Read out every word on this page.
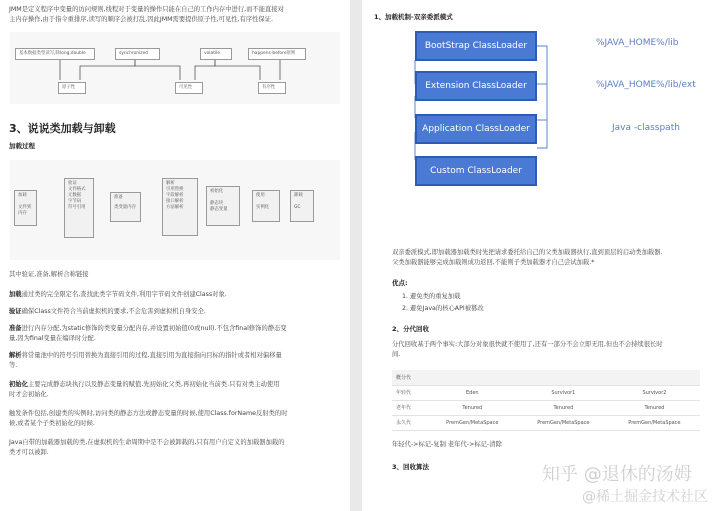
JMM是定义程序中变量的访问规则,线程对于变量的操作只能在自己的工作内存中进行,而不能直接对
主内存操作,由于指令重排序,读写的顺序会被打乱,因此JMM需要提供原子性,可见性,有序性保证.
基本数据类型读写,除long,double	synchronized	volatile	happens-before原则
原子性	可见性	有序性
3、说说类加载与卸载
加载过程
加载
文件到内存
验证
文件格式
元数据
字节码
符号引用
准备
类变量内存
解析
引用替换
字段解析
接口解析
方法解析
初始化
静态块
静态变量
使用
实例化
卸载
GC
其中验证,准备,解析合称链接
加载通过类的完全限定名,查找此类字节码文件,利用字节码文件创建Class对象.
验证确保Class文件符合当前虚拟机的要求,不会危害到虚拟机自身安全.
准备进行内存分配,为static修饰的类变量分配内存,并设置初始值(0或null).不包含final修饰的静态变
量,因为final变量在编译时分配.
解析将常量池中的符号引用替换为直接引用的过程.直接引用为直接指向目标的指针或者相对偏移量
等.
初始化主要完成静态块执行以及静态变量的赋值.先初始化父类,再初始化当前类.只有对类主动使用
时才会初始化.
触发条件包括,创建类的实例时,访问类的静态方法或静态变量的时候,使用Class.forName反射类的时
候,或者某个子类初始化的时候.
Java自带的加载器加载的类,在虚拟机的生命周期中是不会被卸载的,只有用户自定义的加载器加载的
类才可以被卸.
1、加载机制-双亲委派模式
BootStrap ClassLoader	%JAVA_HOME%/lib
Extension ClassLoader	%JAVA_HOME%/lib/ext
Application ClassLoader	Java -classpath
Custom ClassLoader
双亲委派模式,即加载器加载类时先把请求委托给自己的父类加载器执行,直到顶层的启动类加载器.
父类加载器能够完成加载则成功返回,不能则子类加载器才自己尝试加载.*
优点:
1. 避免类的重复加载
2. 避免Java的核心API被篡改
2、分代回收
分代回收基于两个事实:大部分对象很快就不使用了,还有一部分不会立即无用,但也不会持续很长时
间.
概分代			
年轻代	Eden	Survivor1	Survivor2
老年代	Tenured	Tenured	Tenured
永久代	PremGen/MetaSpace	PremGen/MetaSpace	PremGen/MetaSpace
年轻代->标记-复制 老年代->标记-清除
3、回收算法	知乎 @退休的汤姆
@稀土掘金技术社区
